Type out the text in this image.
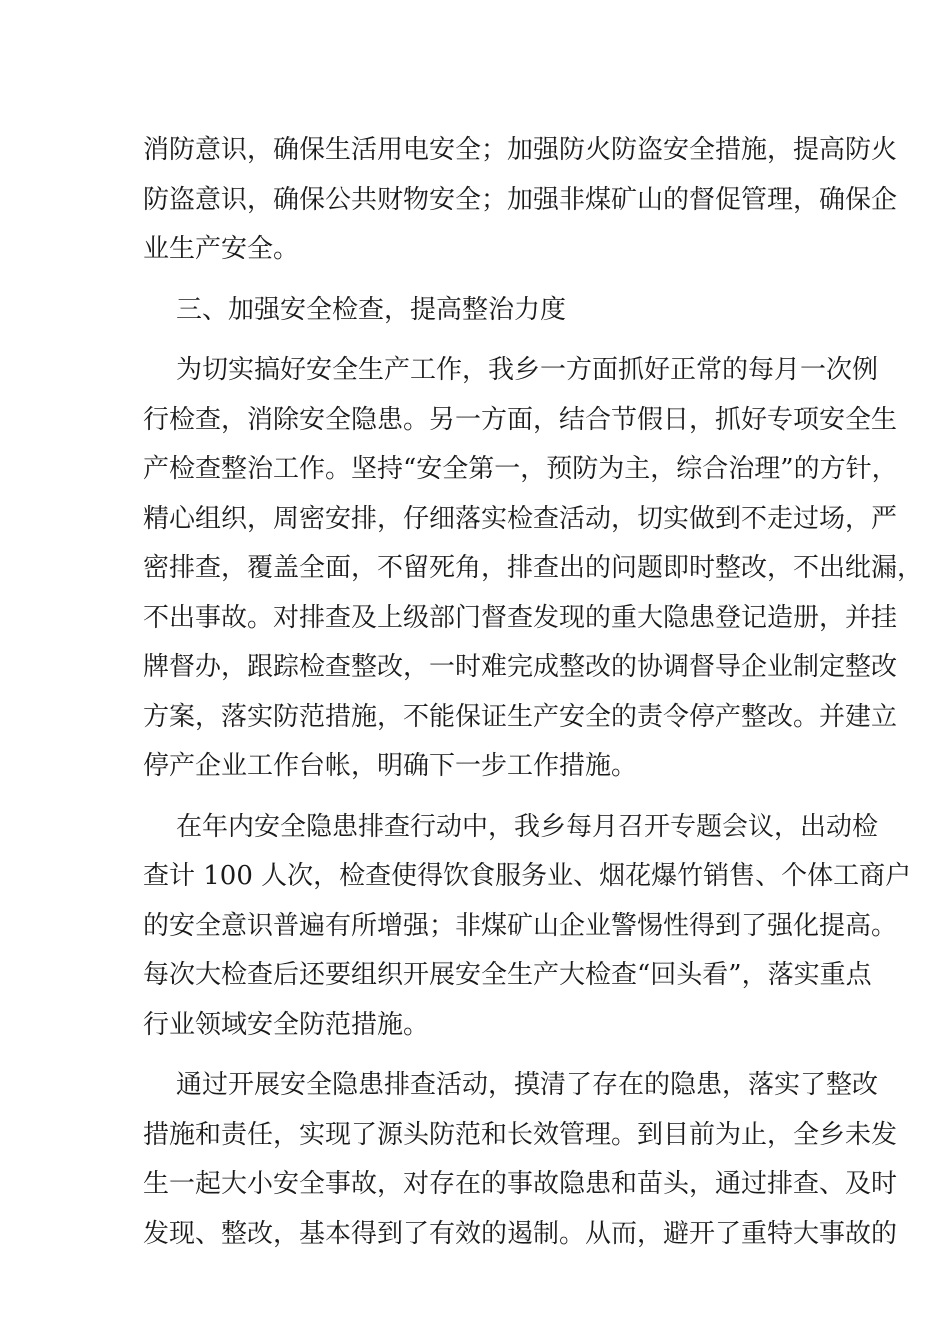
消防意识，确保生活用电安全；加强防火防盗安全措施，提高防火
防盗意识，确保公共财物安全；加强非煤矿山的督促管理，确保企
业生产安全。
三、加强安全检查，提高整治力度
为切实搞好安全生产工作，我乡一方面抓好正常的每月一次例
行检查，消除安全隐患。另一方面，结合节假日，抓好专项安全生
产检查整治工作。坚持“安全第一，预防为主，综合治理”的方针，
精心组织，周密安排，仔细落实检查活动，切实做到不走过场，严
密排查，覆盖全面，不留死角，排查出的问题即时整改，不出纰漏，
不出事故。对排查及上级部门督查发现的重大隐患登记造册，并挂
牌督办，跟踪检查整改，一时难完成整改的协调督导企业制定整改
方案，落实防范措施，不能保证生产安全的责令停产整改。并建立
停产企业工作台帐，明确下一步工作措施。
在年内安全隐患排查行动中，我乡每月召开专题会议，出动检
查计 100 人次，检查使得饮食服务业、烟花爆竹销售、个体工商户
的安全意识普遍有所增强；非煤矿山企业警惕性得到了强化提高。
每次大检查后还要组织开展安全生产大检查“回头看”，落实重点
行业领域安全防范措施。
通过开展安全隐患排查活动，摸清了存在的隐患，落实了整改
措施和责任，实现了源头防范和长效管理。到目前为止，全乡未发
生一起大小安全事故，对存在的事故隐患和苗头，通过排查、及时
发现、整改，基本得到了有效的遏制。从而，避开了重特大事故的
